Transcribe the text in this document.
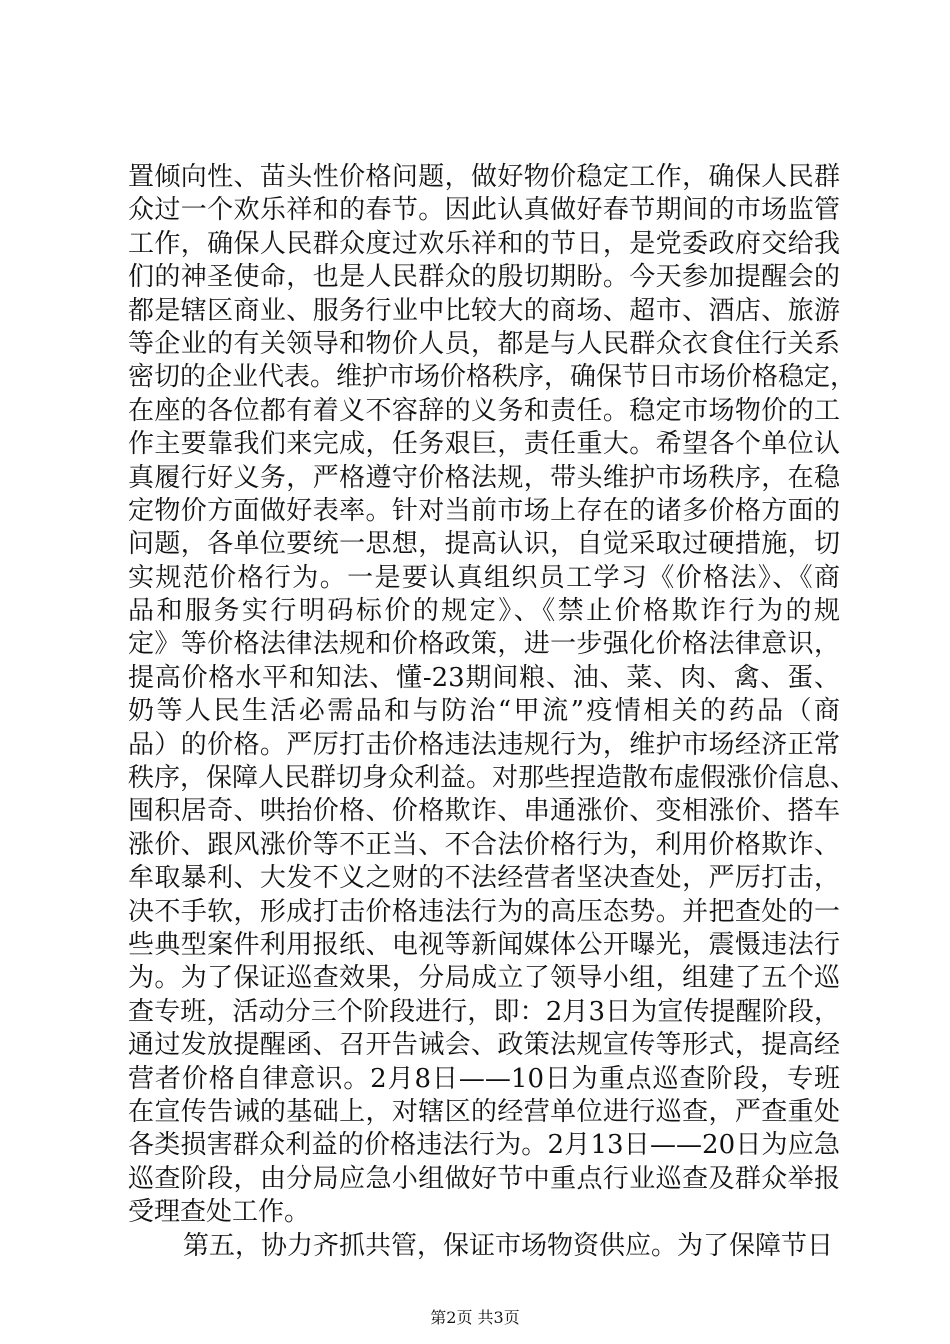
置倾向性、苗头性价格问题，做好物价稳定工作，确保人民群
众过一个欢乐祥和的春节。因此认真做好春节期间的市场监管
工作，确保人民群众度过欢乐祥和的节日，是党委政府交给我
们的神圣使命，也是人民群众的殷切期盼。今天参加提醒会的
都是辖区商业、服务行业中比较大的商场、超市、酒店、旅游
等企业的有关领导和物价人员，都是与人民群众衣食住行关系
密切的企业代表。维护市场价格秩序，确保节日市场价格稳定，
在座的各位都有着义不容辞的义务和责任。稳定市场物价的工
作主要靠我们来完成，任务艰巨，责任重大。希望各个单位认
真履行好义务，严格遵守价格法规，带头维护市场秩序，在稳
定物价方面做好表率。针对当前市场上存在的诸多价格方面的
问题，各单位要统一思想，提高认识，自觉采取过硬措施，切
实规范价格行为。一是要认真组织员工学习《价格法》、《商
品和服务实行明码标价的规定》、《禁止价格欺诈行为的规
定》等价格法律法规和价格政策，进一步强化价格法律意识，
提高价格水平和知法、懂-23期间粮、油、菜、肉、禽、蛋、
奶等人民生活必需品和与防治“甲流”疫情相关的药品（商
品）的价格。严厉打击价格违法违规行为，维护市场经济正常
秩序，保障人民群切身众利益。对那些捏造散布虚假涨价信息、
囤积居奇、哄抬价格、价格欺诈、串通涨价、变相涨价、搭车
涨价、跟风涨价等不正当、不合法价格行为，利用价格欺诈、
牟取暴利、大发不义之财的不法经营者坚决查处，严厉打击，
决不手软，形成打击价格违法行为的高压态势。并把查处的一
些典型案件利用报纸、电视等新闻媒体公开曝光，震慑违法行
为。为了保证巡查效果，分局成立了领导小组，组建了五个巡
查专班，活动分三个阶段进行，即：2月3日为宣传提醒阶段，
通过发放提醒函、召开告诫会、政策法规宣传等形式，提高经
营者价格自律意识。2月8日——10日为重点巡查阶段，专班
在宣传告诫的基础上，对辖区的经营单位进行巡查，严查重处
各类损害群众利益的价格违法行为。2月13日——20日为应急
巡查阶段，由分局应急小组做好节中重点行业巡查及群众举报
受理查处工作。
第五，协力齐抓共管，保证市场物资供应。为了保障节日
第2页 共3页
